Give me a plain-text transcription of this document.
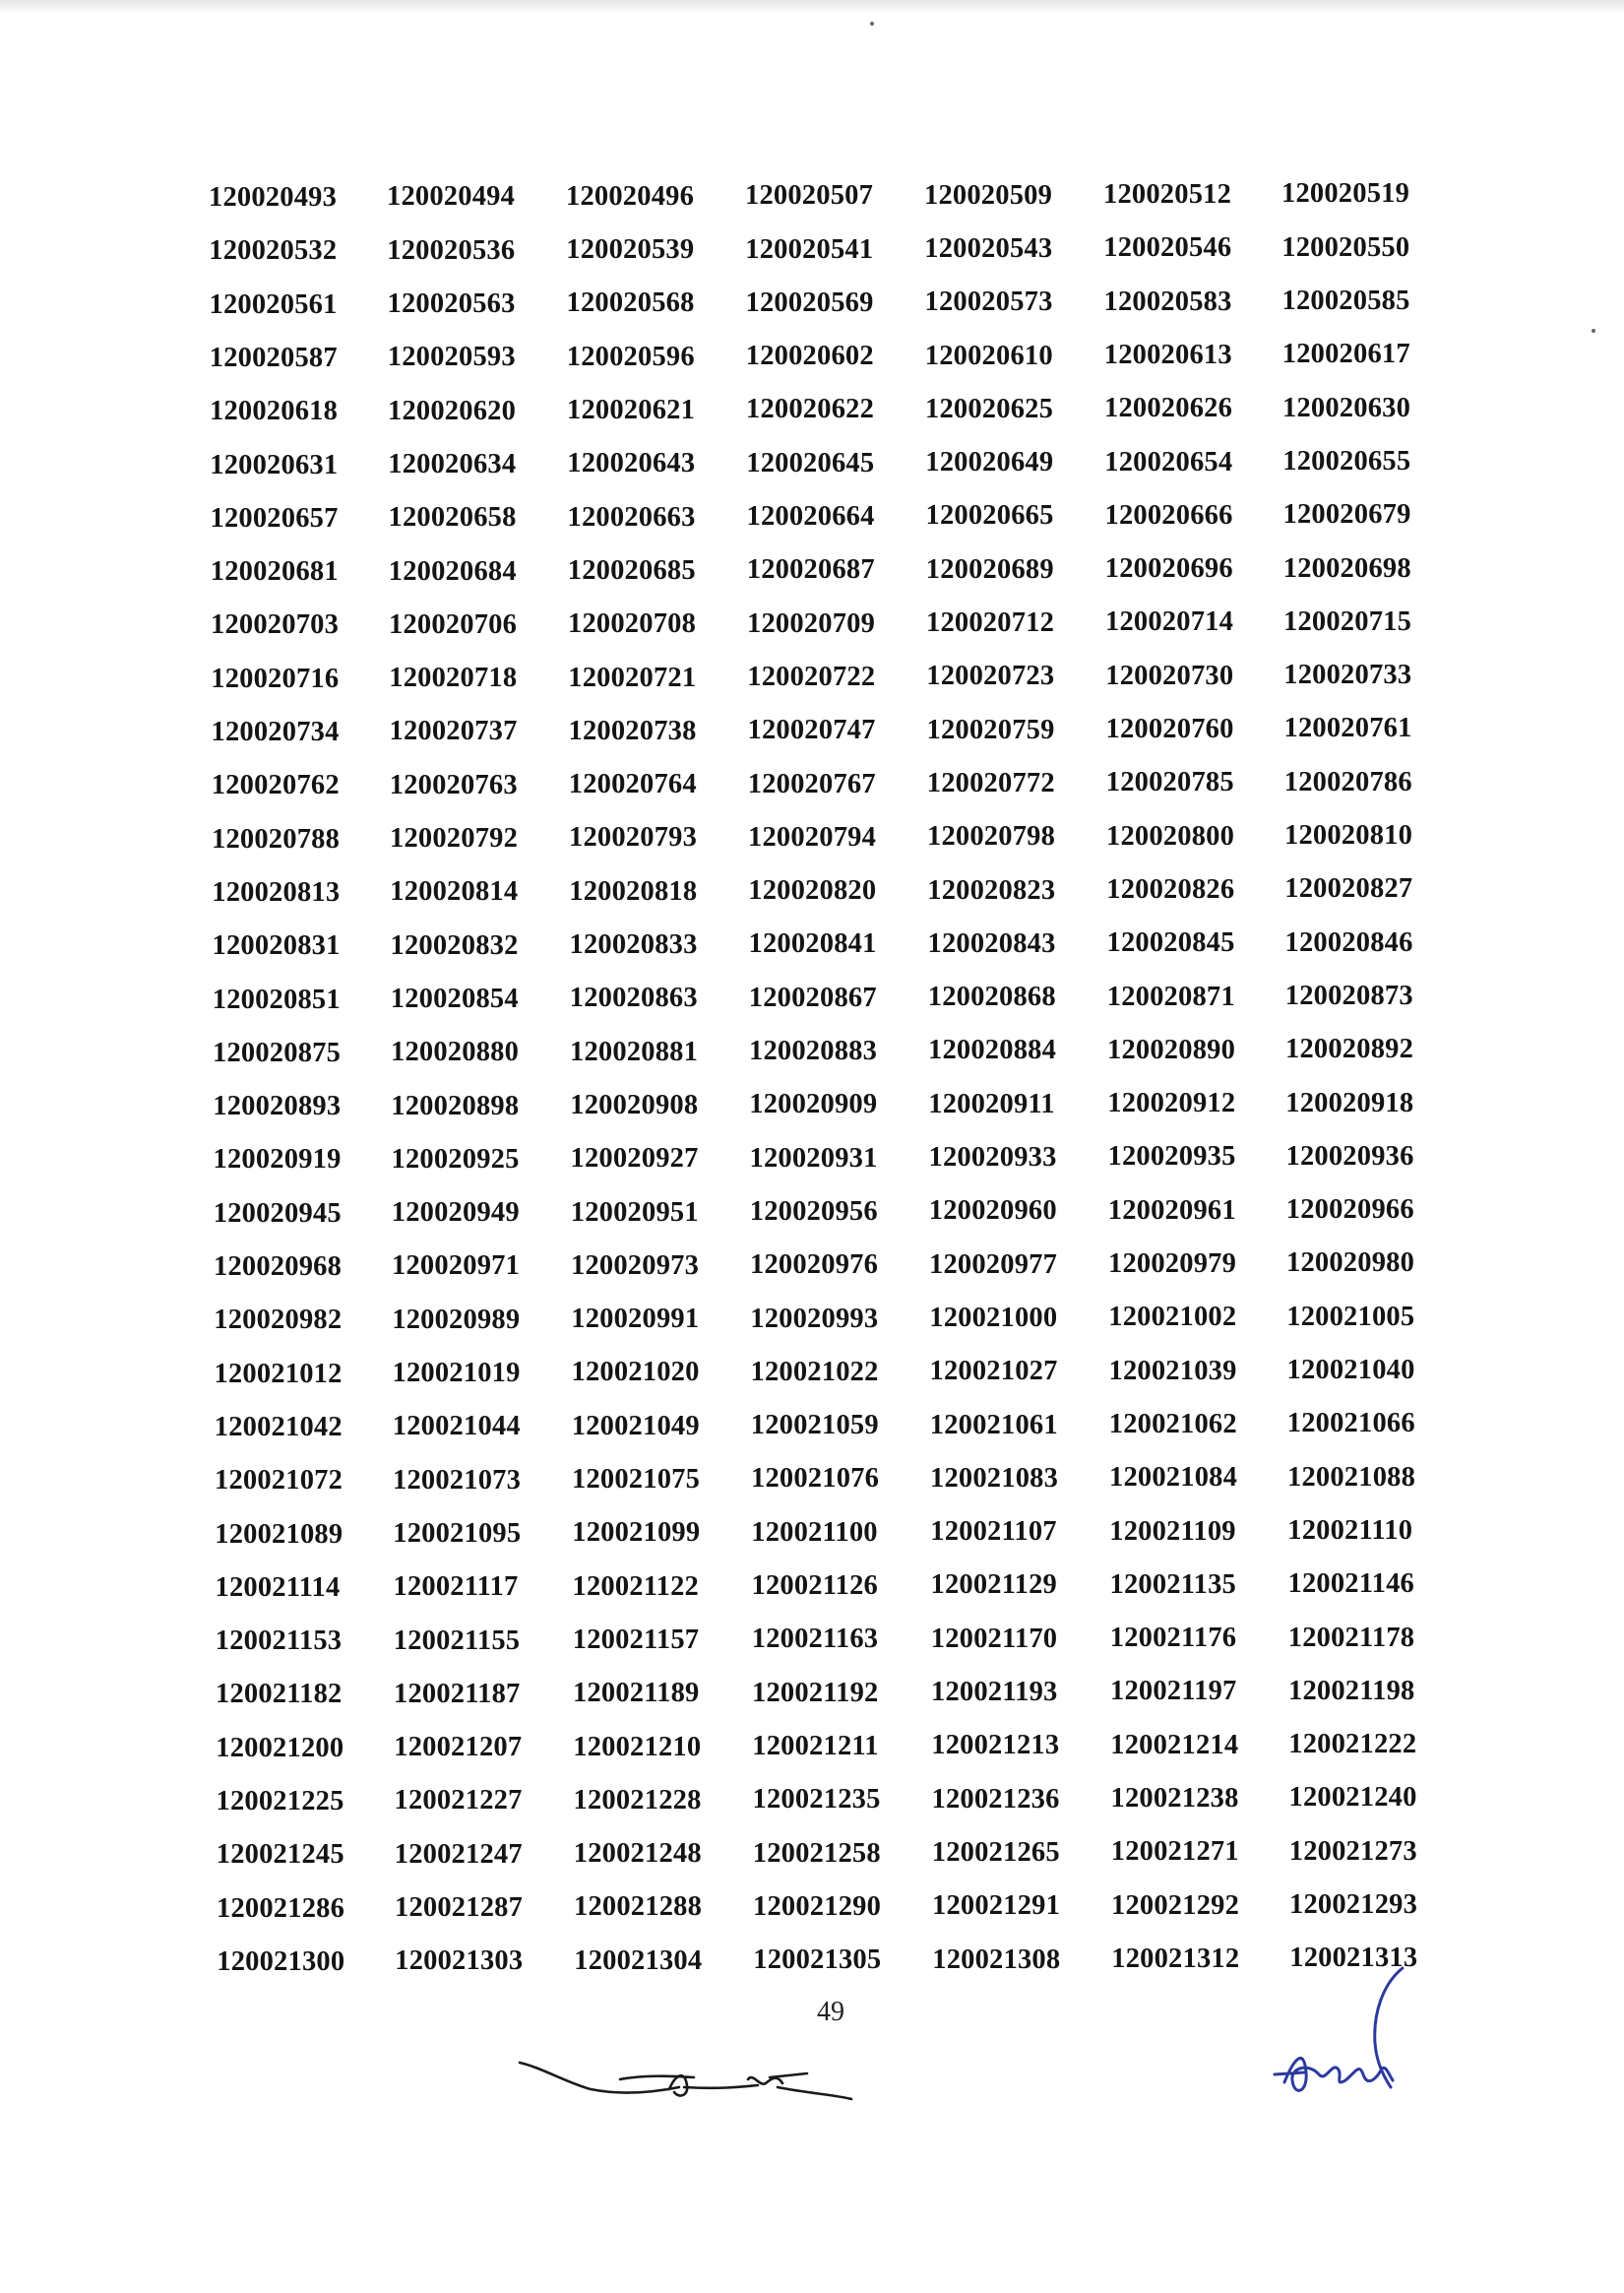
120020493 120020494 120020496 120020507 120020509 120020512 120020519
120020532 120020536 120020539 120020541 120020543 120020546 120020550
120020561 120020563 120020568 120020569 120020573 120020583 120020585
120020587 120020593 120020596 120020602 120020610 120020613 120020617
120020618 120020620 120020621 120020622 120020625 120020626 120020630
120020631 120020634 120020643 120020645 120020649 120020654 120020655
120020657 120020658 120020663 120020664 120020665 120020666 120020679
120020681 120020684 120020685 120020687 120020689 120020696 120020698
120020703 120020706 120020708 120020709 120020712 120020714 120020715
120020716 120020718 120020721 120020722 120020723 120020730 120020733
120020734 120020737 120020738 120020747 120020759 120020760 120020761
120020762 120020763 120020764 120020767 120020772 120020785 120020786
120020788 120020792 120020793 120020794 120020798 120020800 120020810
120020813 120020814 120020818 120020820 120020823 120020826 120020827
120020831 120020832 120020833 120020841 120020843 120020845 120020846
120020851 120020854 120020863 120020867 120020868 120020871 120020873
120020875 120020880 120020881 120020883 120020884 120020890 120020892
120020893 120020898 120020908 120020909 120020911 120020912 120020918
120020919 120020925 120020927 120020931 120020933 120020935 120020936
120020945 120020949 120020951 120020956 120020960 120020961 120020966
120020968 120020971 120020973 120020976 120020977 120020979 120020980
120020982 120020989 120020991 120020993 120021000 120021002 120021005
120021012 120021019 120021020 120021022 120021027 120021039 120021040
120021042 120021044 120021049 120021059 120021061 120021062 120021066
120021072 120021073 120021075 120021076 120021083 120021084 120021088
120021089 120021095 120021099 120021100 120021107 120021109 120021110
120021114 120021117 120021122 120021126 120021129 120021135 120021146
120021153 120021155 120021157 120021163 120021170 120021176 120021178
120021182 120021187 120021189 120021192 120021193 120021197 120021198
120021200 120021207 120021210 120021211 120021213 120021214 120021222
120021225 120021227 120021228 120021235 120021236 120021238 120021240
120021245 120021247 120021248 120021258 120021265 120021271 120021273
120021286 120021287 120021288 120021290 120021291 120021292 120021293
120021300 120021303 120021304 120021305 120021308 120021312 120021313
49
